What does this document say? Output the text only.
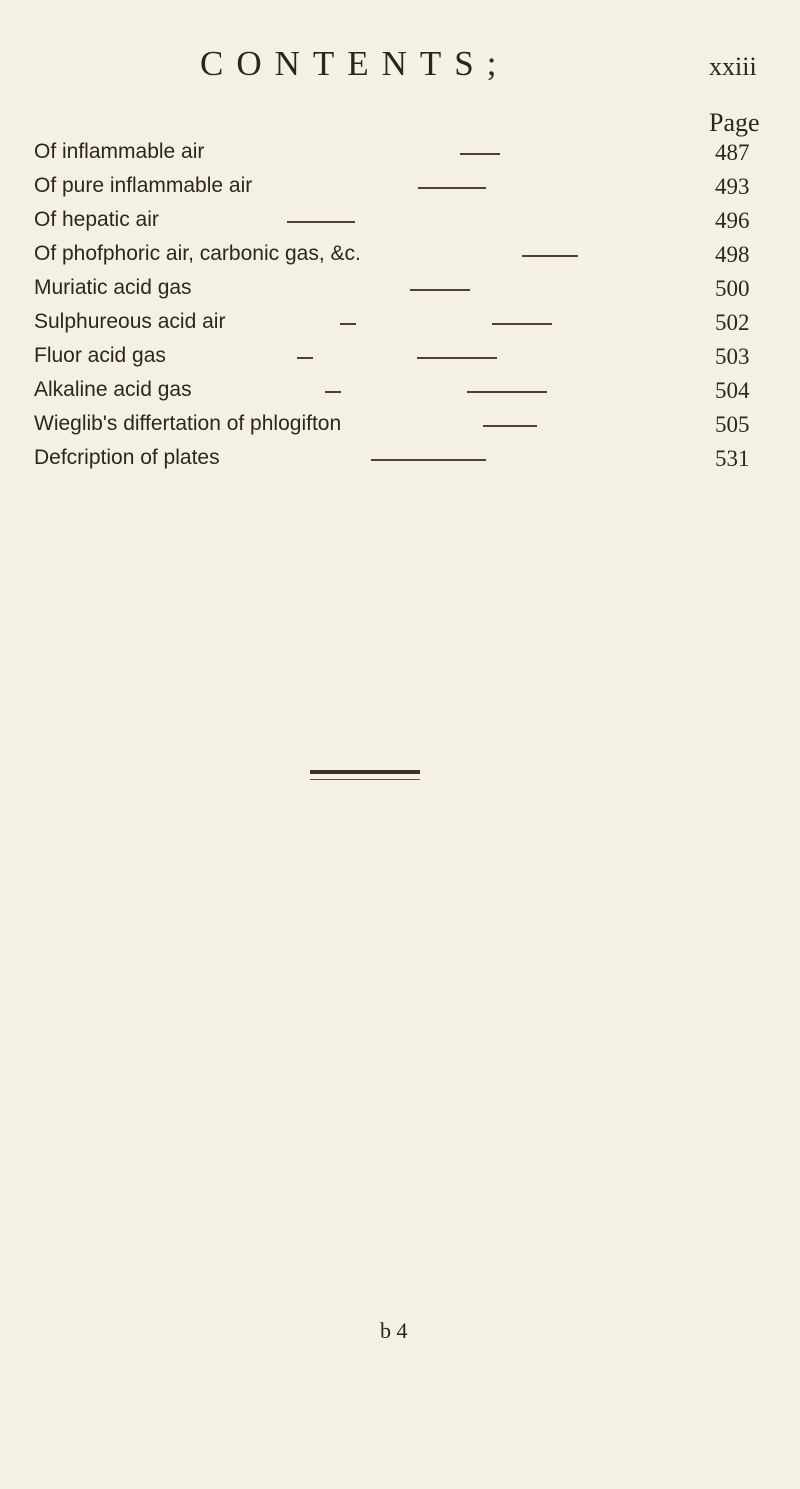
CONTENTS;	xxiii
Page
Of inflammable air	487
Of pure inflammable air	493
Of hepatic air	496
Of phofphoric air, carbonic gas, &c.	498
Muriatic acid gas	500
Sulphureous acid air	502
Fluor acid gas	503
Alkaline acid gas	504
Wieglib's differtation of phlogifton	505
Defcription of plates	531
b 4
